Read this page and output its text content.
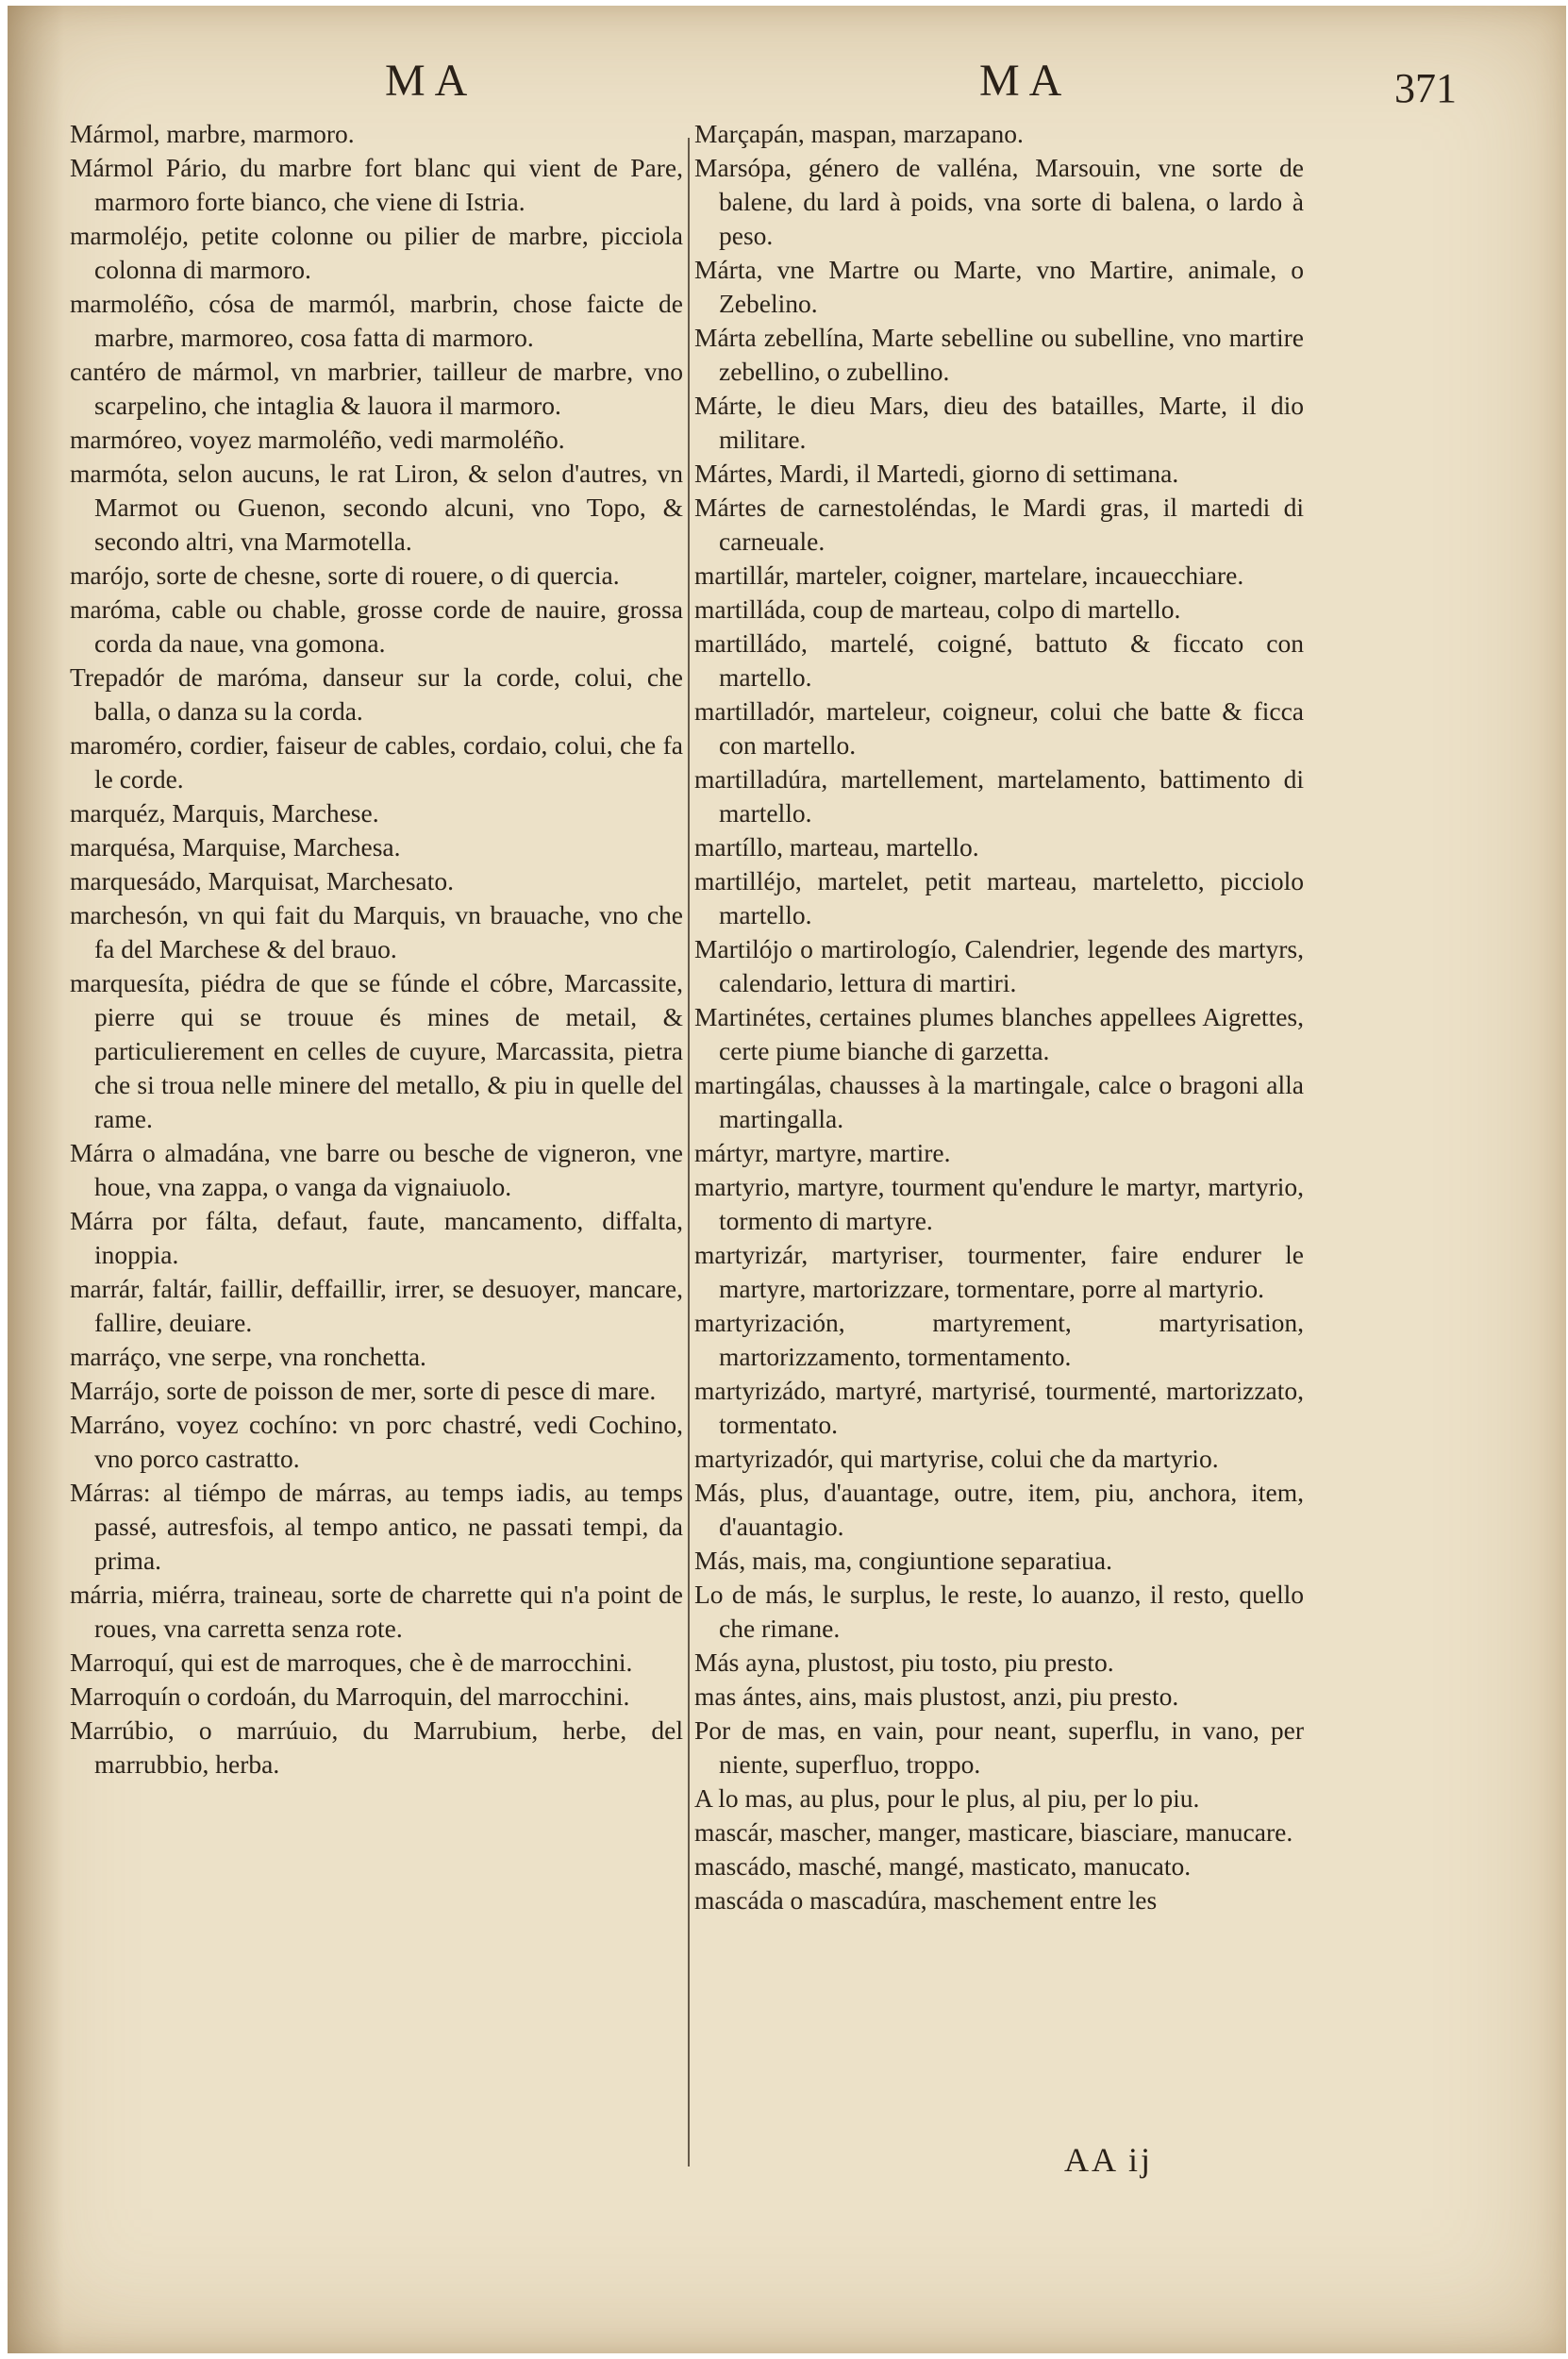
MA	MA	371
Mármol, marbre, marmoro.
Mármol Pário, du marbre fort blanc qui vient de Pare, marmoro forte bianco, che viene di Istria.
marmoléjo, petite colonne ou pilier de marbre, picciola colonna di marmoro.
marmoléño, cósa de marmól, marbrin, chose faicte de marbre, marmoreo, cosa fatta di marmoro.
cantéro de mármol, vn marbrier, tailleur de marbre, vno scarpelino, che intaglia & lauora il marmoro.
marmóreo, voyez marmoléño, vedi marmoléño.
marmóta, selon aucuns, le rat Liron, & selon d'autres, vn Marmot ou Guenon, secondo alcuni, vno Topo, & secondo altri, vna Marmotella.
marójo, sorte de chesne, sorte di rouere, o di quercia.
maróma, cable ou chable, grosse corde de nauire, grossa corda da naue, vna gomona.
Trepadór de maróma, danseur sur la corde, colui, che balla, o danza su la corda.
maroméro, cordier, faiseur de cables, cordaio, colui, che fa le corde.
marquéz, Marquis, Marchese.
marquésa, Marquise, Marchesa.
marquesádo, Marquisat, Marchesato.
marchesón, vn qui fait du Marquis, vn brauache, vno che fa del Marchese & del brauo.
marquesíta, piédra de que se fúnde el cóbre, Marcassite, pierre qui se trouue és mines de metail, & particulierement en celles de cuyure, Marcassita, pietra che si troua nelle minere del metallo, & piu in quelle del rame.
Márra o almadána, vne barre ou besche de vigneron, vne houe, vna zappa, o vanga da vignaiuolo.
Márra por fálta, defaut, faute, mancamento, diffalta, inoppia.
marrár, faltár, faillir, deffaillir, irrer, se desuoyer, mancare, fallire, deuiare.
marráço, vne serpe, vna ronchetta.
Marrájo, sorte de poisson de mer, sorte di pesce di mare.
Marráno, voyez cochíno: vn porc chastré, vedi Cochino, vno porco castratto.
Márras: al tiémpo de márras, au temps iadis, au temps passé, autresfois, al tempo antico, ne passati tempi, da prima.
márria, miérra, traineau, sorte de charrette qui n'a point de roues, vna carretta senza rote.
Marroquí, qui est de marroques, che è de marrocchini.
Marroquín o cordoán, du Marroquin, del marrocchini.
Marrúbio, o marrúuio, du Marrubium, herbe, del marrubbio, herba.
Marçapán, maspan, marzapano.
Marsópa, género de valléna, Marsouin, vne sorte de balene, du lard à poids, vna sorte di balena, o lardo à peso.
Márta, vne Martre ou Marte, vno Martire, animale, o Zebelino.
Márta zebellína, Marte sebelline ou subelline, vno martire zebellino, o zubellino.
Márte, le dieu Mars, dieu des batailles, Marte, il dio militare.
Mártes, Mardi, il Martedi, giorno di settimana.
Mártes de carnestoléndas, le Mardi gras, il martedi di carneuale.
martillár, marteler, coigner, martelare, incauecchiare.
martilláda, coup de marteau, colpo di martello.
martilládo, martelé, coigné, battuto & ficcato con martello.
martilladór, marteleur, coigneur, colui che batte & ficca con martello.
martilladúra, martellement, martelamento, battimento di martello.
martíllo, marteau, martello.
martilléjo, martelet, petit marteau, marteletto, picciolo martello.
Martilójo o martirologío, Calendrier, legende des martyrs, calendario, lettura di martiri.
Martinétes, certaines plumes blanches appellees Aigrettes, certe piume bianche di garzetta.
martingálas, chausses à la martingale, calce o bragoni alla martingalla.
mártyr, martyre, martire.
martyrio, martyre, tourment qu'endure le martyr, martyrio, tormento di martyre.
martyrizár, martyriser, tourmenter, faire endurer le martyre, martorizzare, tormentare, porre al martyrio.
martyrización, martyrement, martyrisation, martorizzamento, tormentamento.
martyrizádo, martyré, martyrisé, tourmenté, martorizzato, tormentato.
martyrizadór, qui martyrise, colui che da martyrio.
Más, plus, d'auantage, outre, item, piu, anchora, item, d'auantagio.
Más, mais, ma, congiuntione separatiua.
Lo de más, le surplus, le reste, lo auanzo, il resto, quello che rimane.
Más ayna, plustost, piu tosto, piu presto.
mas ántes, ains, mais plustost, anzi, piu presto.
Por de mas, en vain, pour neant, superflu, in vano, per niente, superfluo, troppo.
A lo mas, au plus, pour le plus, al piu, per lo piu.
mascár, mascher, manger, masticare, biasciare, manucare.
mascádo, masché, mangé, masticato, manucato.
mascáda o mascadúra, maschement entre les
AA ij
